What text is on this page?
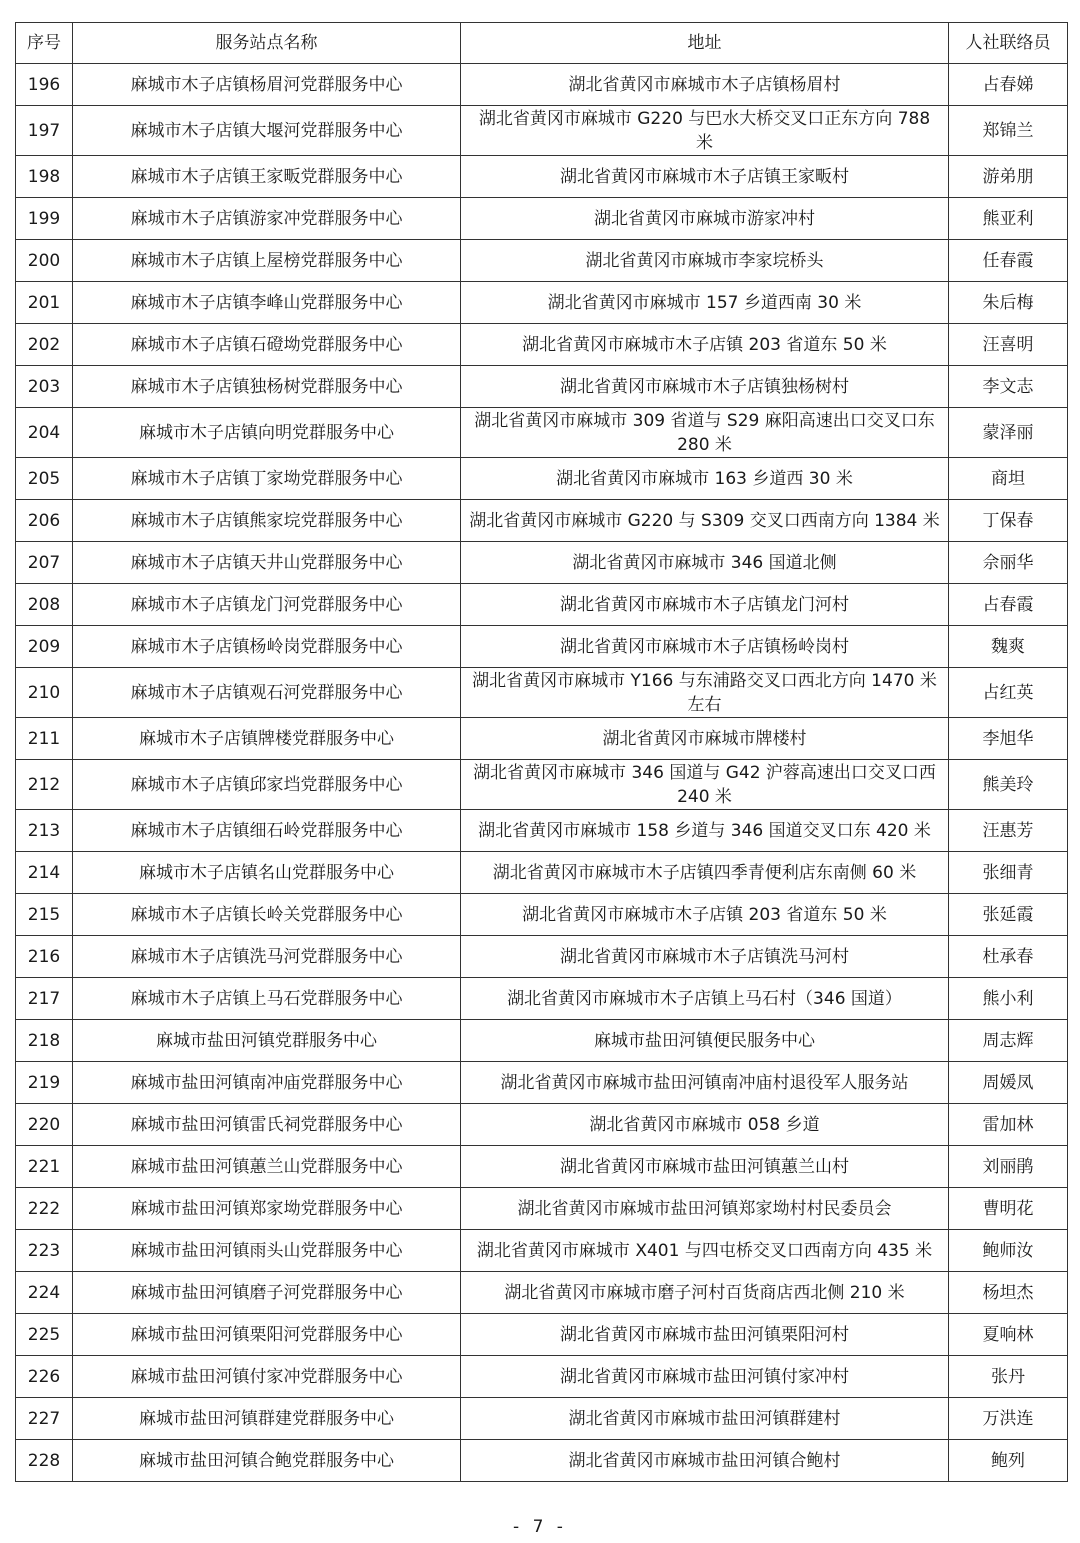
序号	服务站点名称	地址	人社联络员
196	麻城市木子店镇杨眉河党群服务中心	湖北省黄冈市麻城市木子店镇杨眉村	占春娣
197	麻城市木子店镇大堰河党群服务中心	湖北省黄冈市麻城市 G220 与巴水大桥交叉口正东方向 788 米	郑锦兰
198	麻城市木子店镇王家畈党群服务中心	湖北省黄冈市麻城市木子店镇王家畈村	游弟朋
199	麻城市木子店镇游家冲党群服务中心	湖北省黄冈市麻城市游家冲村	熊亚利
200	麻城市木子店镇上屋榜党群服务中心	湖北省黄冈市麻城市李家垸桥头	任春霞
201	麻城市木子店镇李峰山党群服务中心	湖北省黄冈市麻城市 157 乡道西南 30 米	朱后梅
202	麻城市木子店镇石磴坳党群服务中心	湖北省黄冈市麻城市木子店镇 203 省道东 50 米	汪喜明
203	麻城市木子店镇独杨树党群服务中心	湖北省黄冈市麻城市木子店镇独杨树村	李文志
204	麻城市木子店镇向明党群服务中心	湖北省黄冈市麻城市 309 省道与 S29 麻阳高速出口交叉口东 280 米	蒙泽丽
205	麻城市木子店镇丁家坳党群服务中心	湖北省黄冈市麻城市 163 乡道西 30 米	商坦
206	麻城市木子店镇熊家垸党群服务中心	湖北省黄冈市麻城市 G220 与 S309 交叉口西南方向 1384 米	丁保春
207	麻城市木子店镇天井山党群服务中心	湖北省黄冈市麻城市 346 国道北侧	佘丽华
208	麻城市木子店镇龙门河党群服务中心	湖北省黄冈市麻城市木子店镇龙门河村	占春霞
209	麻城市木子店镇杨岭岗党群服务中心	湖北省黄冈市麻城市木子店镇杨岭岗村	魏爽
210	麻城市木子店镇观石河党群服务中心	湖北省黄冈市麻城市 Y166 与东浦路交叉口西北方向 1470 米左右	占红英
211	麻城市木子店镇牌楼党群服务中心	湖北省黄冈市麻城市牌楼村	李旭华
212	麻城市木子店镇邱家垱党群服务中心	湖北省黄冈市麻城市 346 国道与 G42 沪蓉高速出口交叉口西 240 米	熊美玲
213	麻城市木子店镇细石岭党群服务中心	湖北省黄冈市麻城市 158 乡道与 346 国道交叉口东 420 米	汪惠芳
214	麻城市木子店镇名山党群服务中心	湖北省黄冈市麻城市木子店镇四季青便利店东南侧 60 米	张细青
215	麻城市木子店镇长岭关党群服务中心	湖北省黄冈市麻城市木子店镇 203 省道东 50 米	张延霞
216	麻城市木子店镇洗马河党群服务中心	湖北省黄冈市麻城市木子店镇洗马河村	杜承春
217	麻城市木子店镇上马石党群服务中心	湖北省黄冈市麻城市木子店镇上马石村（346 国道）	熊小利
218	麻城市盐田河镇党群服务中心	麻城市盐田河镇便民服务中心	周志辉
219	麻城市盐田河镇南冲庙党群服务中心	湖北省黄冈市麻城市盐田河镇南冲庙村退役军人服务站	周媛凤
220	麻城市盐田河镇雷氏祠党群服务中心	湖北省黄冈市麻城市 058 乡道	雷加林
221	麻城市盐田河镇蕙兰山党群服务中心	湖北省黄冈市麻城市盐田河镇蕙兰山村	刘丽鹃
222	麻城市盐田河镇郑家坳党群服务中心	湖北省黄冈市麻城市盐田河镇郑家坳村村民委员会	曹明花
223	麻城市盐田河镇雨头山党群服务中心	湖北省黄冈市麻城市 X401 与四屯桥交叉口西南方向 435 米	鲍师汝
224	麻城市盐田河镇磨子河党群服务中心	湖北省黄冈市麻城市磨子河村百货商店西北侧 210 米	杨坦杰
225	麻城市盐田河镇栗阳河党群服务中心	湖北省黄冈市麻城市盐田河镇栗阳河村	夏响林
226	麻城市盐田河镇付家冲党群服务中心	湖北省黄冈市麻城市盐田河镇付家冲村	张丹
227	麻城市盐田河镇群建党群服务中心	湖北省黄冈市麻城市盐田河镇群建村	万洪连
228	麻城市盐田河镇合鲍党群服务中心	湖北省黄冈市麻城市盐田河镇合鲍村	鲍列
- 7 -
